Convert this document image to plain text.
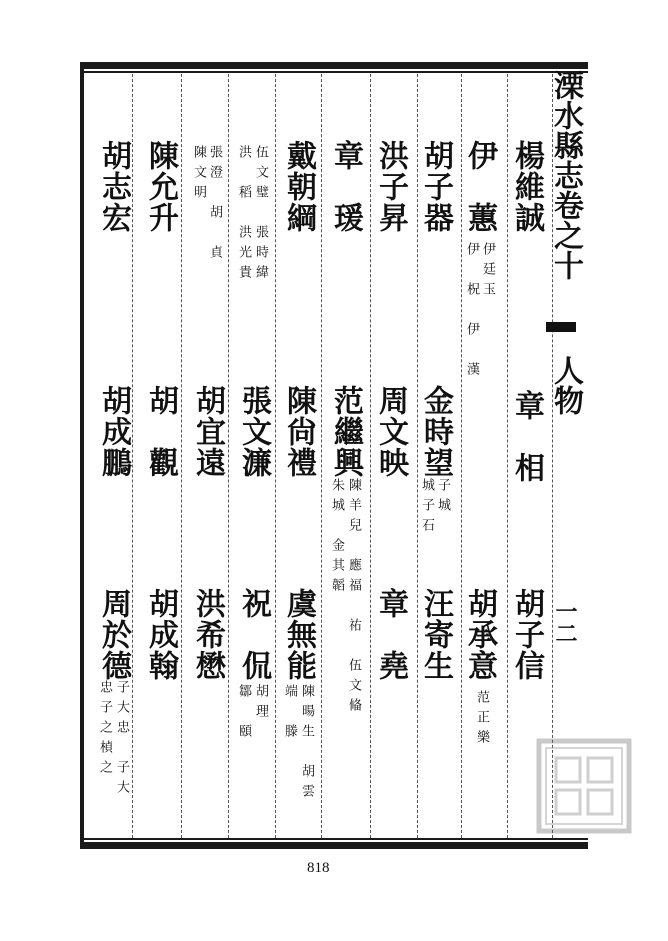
溧水縣志卷之十
人物
一二
楊維誠
章　相
胡子信
伊　蕙
伊廷玉
伊　柷　伊　漢
胡承意
范正樂
胡子器
金時望
子城
城子石
汪寄生
洪子昇
周文映
章　堯
章　瑗
范繼興
陳羊兒　應福　祐　伍文偹
朱城　金其韜
戴朝綱
陳尙禮
虞無能
陳暘生　胡雲
端　滕
伍文璧　張時緯
洪　稻　洪光貴
張文濂
祝　侃
胡理
鄒　頤
張澄　胡　貞
陳文明
胡宜遠
洪希懋
陳允升
胡　觀
胡成翰
胡志宏
胡成鵬
周於德
子大忠　子大
忠子之楨之
818
